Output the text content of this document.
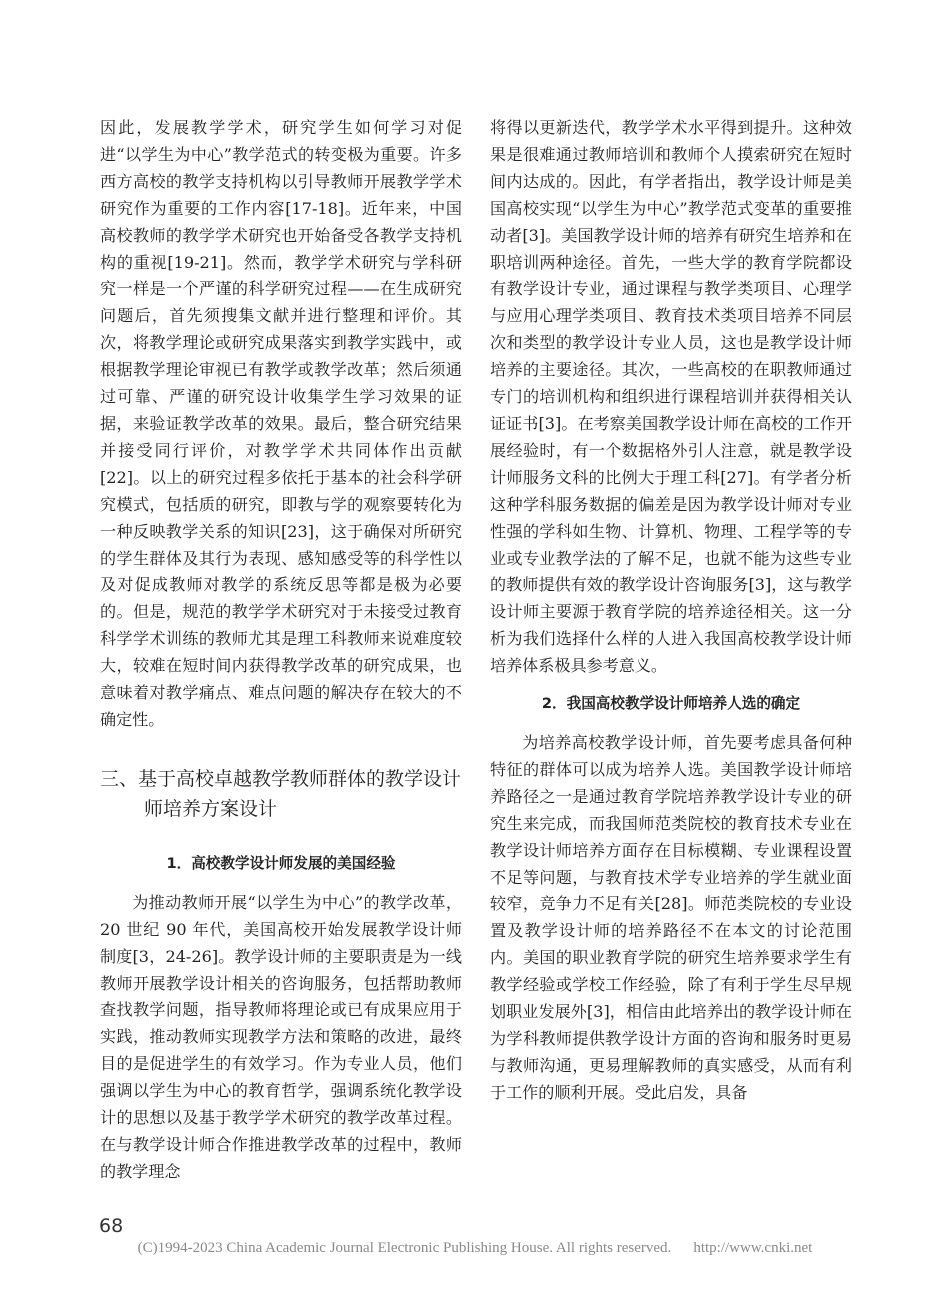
因此，发展教学学术，研究学生如何学习对促进“以学生为中心”教学范式的转变极为重要。许多西方高校的教学支持机构以引导教师开展教学学术研究作为重要的工作内容[17-18]。近年来，中国高校教师的教学学术研究也开始备受各教学支持机构的重视[19-21]。然而，教学学术研究与学科研究一样是一个严谨的科学研究过程——在生成研究问题后，首先须搜集文献并进行整理和评价。其次，将教学理论或研究成果落实到教学实践中，或根据教学理论审视已有教学或教学改革；然后须通过可靠、严谨的研究设计收集学生学习效果的证据，来验证教学改革的效果。最后，整合研究结果并接受同行评价，对教学学术共同体作出贡献[22]。以上的研究过程多依托于基本的社会科学研究模式，包括质的研究，即教与学的观察要转化为一种反映教学关系的知识[23]，这于确保对所研究的学生群体及其行为表现、感知感受等的科学性以及对促成教师对教学的系统反思等都是极为必要的。但是，规范的教学学术研究对于未接受过教育科学学术训练的教师尤其是理工科教师来说难度较大，较难在短时间内获得教学改革的研究成果，也意味着对教学痛点、难点问题的解决存在较大的不确定性。

三、基于高校卓越教学教师群体的教学设计师培养方案设计
1．高校教学设计师发展的美国经验

为推动教师开展“以学生为中心”的教学改革，20 世纪 90 年代，美国高校开始发展教学设计师制度[3，24-26]。教学设计师的主要职责是为一线教师开展教学设计相关的咨询服务，包括帮助教师查找教学问题，指导教师将理论或已有成果应用于实践，推动教师实现教学方法和策略的改进，最终目的是促进学生的有效学习。作为专业人员，他们强调以学生为中心的教育哲学，强调系统化教学设计的思想以及基于教学学术研究的教学改革过程。在与教学设计师合作推进教学改革的过程中，教师的教学理念

将得以更新迭代，教学学术水平得到提升。这种效果是很难通过教师培训和教师个人摸索研究在短时间内达成的。因此，有学者指出，教学设计师是美国高校实现“以学生为中心”教学范式变革的重要推动者[3]。美国教学设计师的培养有研究生培养和在职培训两种途径。首先，一些大学的教育学院都设有教学设计专业，通过课程与教学类项目、心理学与应用心理学类项目、教育技术类项目培养不同层次和类型的教学设计专业人员，这也是教学设计师培养的主要途径。其次，一些高校的在职教师通过专门的培训机构和组织进行课程培训并获得相关认证证书[3]。在考察美国教学设计师在高校的工作开展经验时，有一个数据格外引人注意，就是教学设计师服务文科的比例大于理工科[27]。有学者分析这种学科服务数据的偏差是因为教学设计师对专业性强的学科如生物、计算机、物理、工程学等的专业或专业教学法的了解不足，也就不能为这些专业的教师提供有效的教学设计咨询服务[3]，这与教学设计师主要源于教育学院的培养途径相关。这一分析为我们选择什么样的人进入我国高校教学设计师培养体系极具参考意义。

2．我国高校教学设计师培养人选的确定

为培养高校教学设计师，首先要考虑具备何种特征的群体可以成为培养人选。美国教学设计师培养路径之一是通过教育学院培养教学设计专业的研究生来完成，而我国师范类院校的教育技术专业在教学设计师培养方面存在目标模糊、专业课程设置不足等问题，与教育技术学专业培养的学生就业面较窄，竞争力不足有关[28]。师范类院校的专业设置及教学设计师的培养路径不在本文的讨论范围内。美国的职业教育学院的研究生培养要求学生有教学经验或学校工作经验，除了有利于学生尽早规划职业发展外[3]，相信由此培养出的教学设计师在为学科教师提供教学设计方面的咨询和服务时更易与教师沟通，更易理解教师的真实感受，从而有利于工作的顺利开展。受此启发，具备

68

(C)1994-2023 China Academic Journal Electronic Publishing House. All rights reserved. http://www.cnki.net
